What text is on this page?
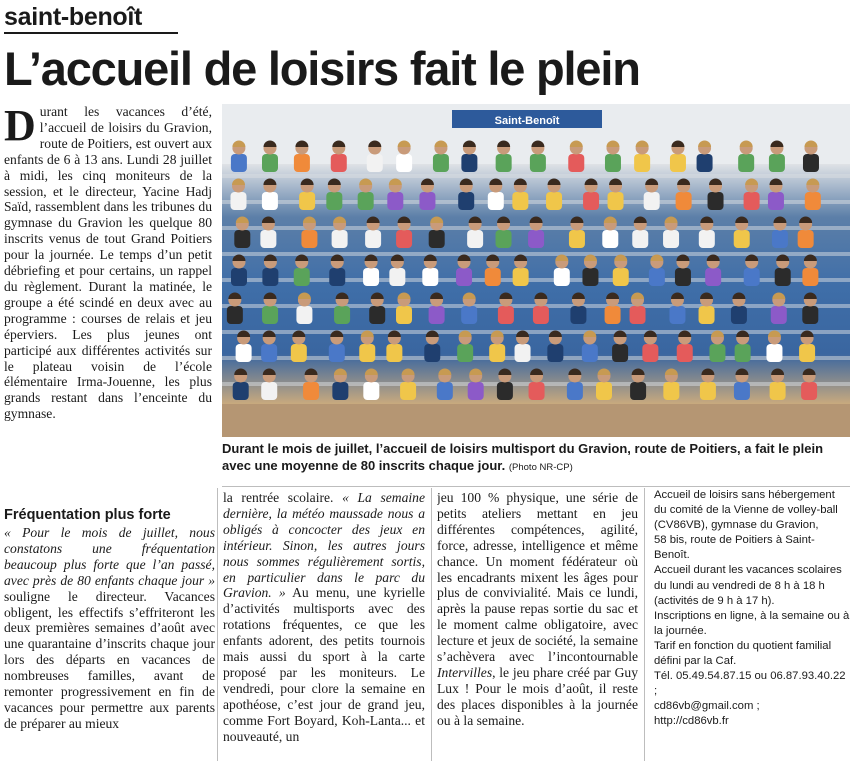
saint-benoît
L’accueil de loisirs fait le plein
Durant les vacances d’été, l’accueil de loisirs du Gravion, route de Poitiers, est ouvert aux enfants de 6 à 13 ans. Lundi 28 juillet à midi, les cinq moniteurs de la session, et le directeur, Yacine Hadj Saïd, rassemblent dans les tribunes du gymnase du Gravion les quelque 80 inscrits venus de tout Grand Poitiers pour la journée. Le temps d’un petit débriefing et pour certains, un rappel du règlement. Durant la matinée, le groupe a été scindé en deux avec au programme : courses de relais et jeu éperviers. Les plus jeunes ont participé aux différentes activités sur le plateau voisin de l’école élémentaire Irma-Jouenne, les plus grands restant dans l’enceinte du gymnase.
Saint-Benoît
Durant le mois de juillet, l’accueil de loisirs multisport du Gravion, route de Poitiers, a fait le plein avec une moyenne de 80 inscrits chaque jour. (Photo NR-CP)
Fréquentation plus forte

« Pour le mois de juillet, nous constatons une fréquentation beaucoup plus forte que l’an passé, avec près de 80 enfants chaque jour » souligne le directeur. Vacances obligent, les effectifs s’effriteront les deux premières semaines d’août avec une quarantaine d’inscrits chaque jour lors des départs en vacances de nombreuses familles, avant de remonter progressivement en fin de vacances pour permettre aux parents de préparer au mieux

la rentrée scolaire. « La semaine dernière, la météo maussade nous a obligés à concocter des jeux en intérieur. Sinon, les autres jours nous sommes régulièrement sortis, en particulier dans le parc du Gravion. » Au menu, une kyrielle d’activités multisports avec des rotations fréquentes, ce que les enfants adorent, des petits tournois mais aussi du sport à la carte proposé par les moniteurs. Le vendredi, pour clore la semaine en apothéose, c’est jour de grand jeu, comme Fort Boyard, Koh-Lanta... et nouveauté, un

jeu 100 % physique, une série de petits ateliers mettant en jeu différentes compétences, agilité, force, adresse, intelligence et même chance. Un moment fédérateur où les encadrants mixent les âges pour plus de convivialité. Mais ce lundi, après la pause repas sortie du sac et le moment calme obligatoire, avec lecture et jeux de société, la semaine s’achèvera avec l’incontournable Intervilles, le jeu phare créé par Guy Lux ! Pour le mois d’août, il reste des places disponibles à la journée ou à la semaine.

Accueil de loisirs sans hébergement du comité de la Vienne de volley-ball (CV86VB), gymnase du Gravion,
58 bis, route de Poitiers à Saint-Benoît.
Accueil durant les vacances scolaires du lundi au vendredi de 8 h à 18 h (activités de 9 h à 17 h).
Inscriptions en ligne, à la semaine ou à la journée.
Tarif en fonction du quotient familial défini par la Caf.
Tél. 05.49.54.87.15 ou 06.87.93.40.22 ;
cd86vb@gmail.com ;
http://cd86vb.fr
